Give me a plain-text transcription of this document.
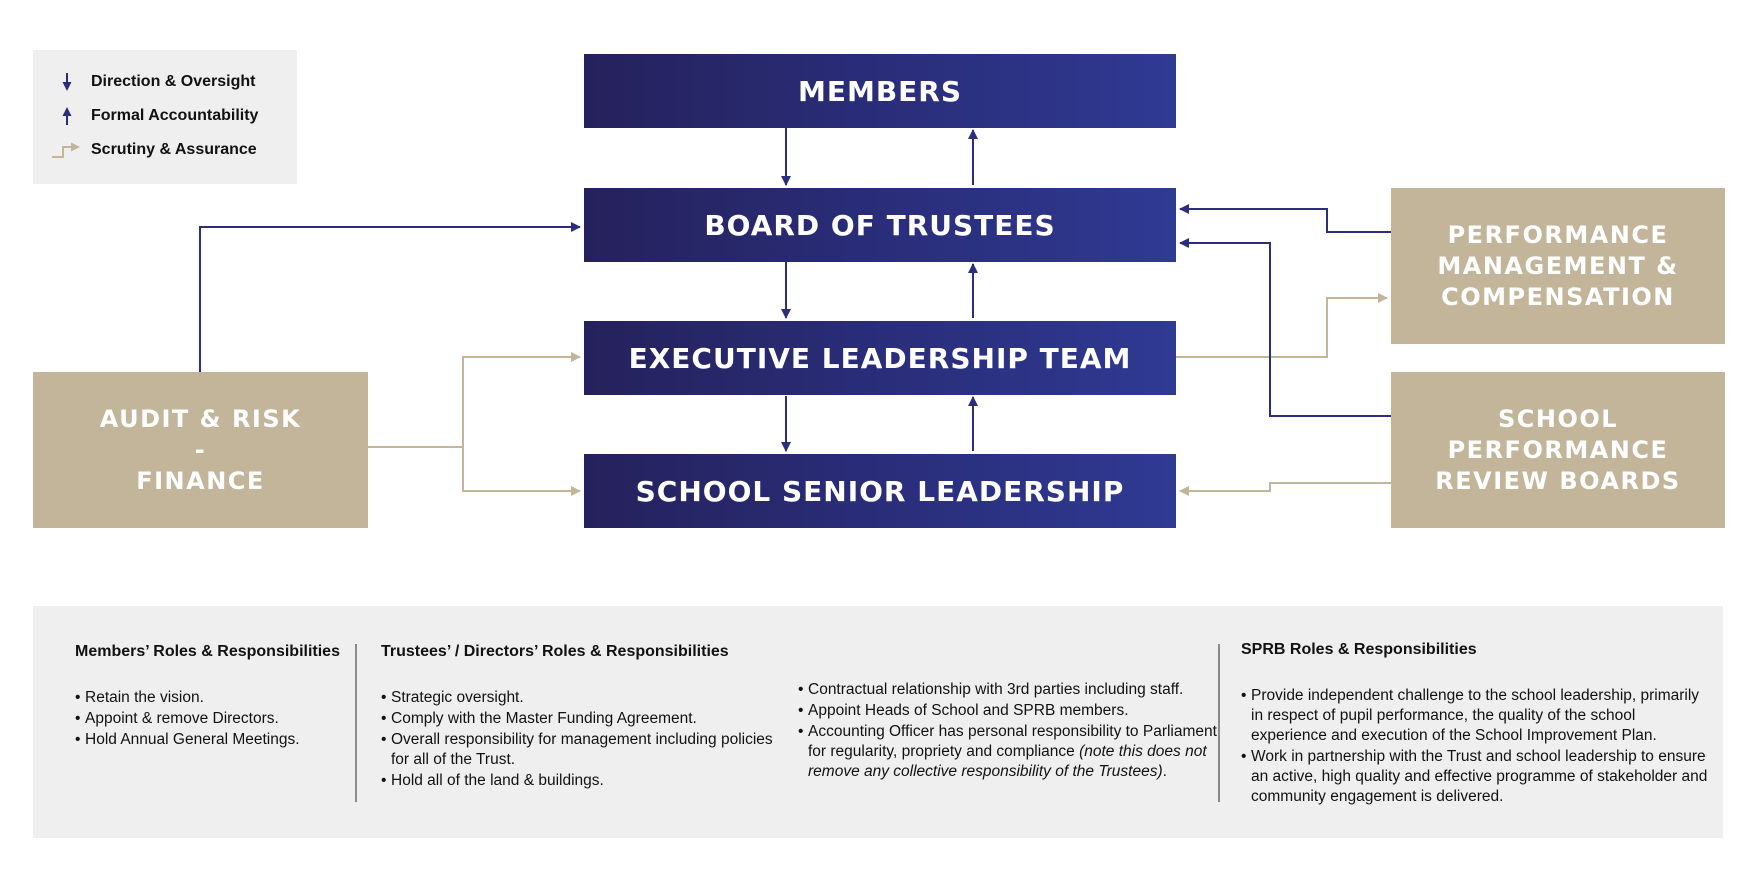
Direction & Oversight
Formal Accountability
Scrutiny & Assurance
MEMBERS
BOARD OF TRUSTEES
EXECUTIVE LEADERSHIP TEAM
SCHOOL SENIOR LEADERSHIP
AUDIT & RISK
-
FINANCE
PERFORMANCE
MANAGEMENT &
COMPENSATION
SCHOOL
PERFORMANCE
REVIEW BOARDS
Members’ Roles & Responsibilities
• Retain the vision.
• Appoint & remove Directors.
• Hold Annual General Meetings.
Trustees’ / Directors’ Roles & Responsibilities
• Strategic oversight.
• Comply with the Master Funding Agreement.
• Overall responsibility for management including policies for all of the Trust.
• Hold all of the land & buildings.
• Contractual relationship with 3rd parties including staff.
• Appoint Heads of School and SPRB members.
• Accounting Officer has personal responsibility to Parliament for regularity, propriety and compliance (note this does not remove any collective responsibility of the Trustees).
SPRB Roles & Responsibilities
• Provide independent challenge to the school leadership, primarily in respect of pupil performance, the quality of the school experience and execution of the School Improvement Plan.
• Work in partnership with the Trust and school leadership to ensure an active, high quality and effective programme of stakeholder and community engagement is delivered.
